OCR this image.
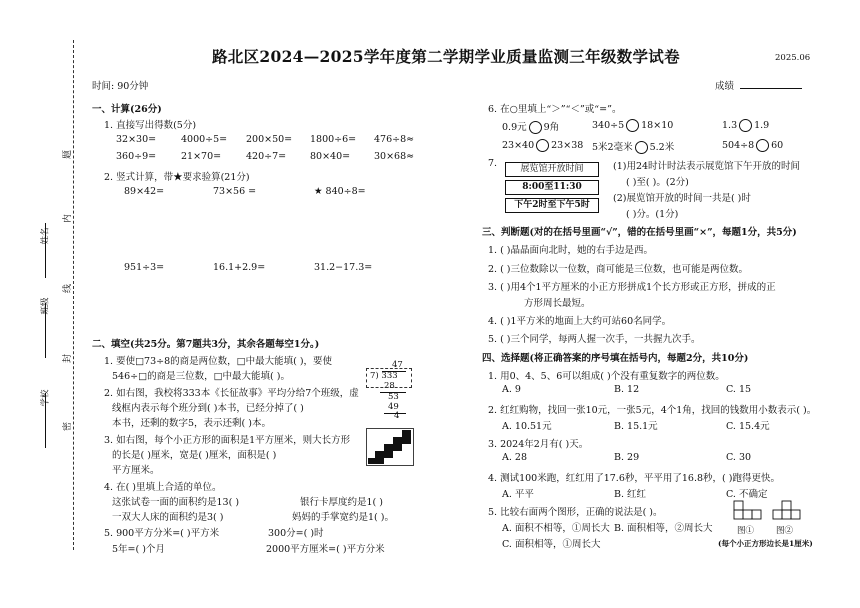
题
内
线
封
密
姓名
班级
学校
路北区2024—2025学年度第二学期学业质量监测三年级数学试卷	2025.06
时间: 90分钟	成绩
一、计算(26分)
1. 直接写出得数(5分)
32×30=	4000÷5= 200×50= 1800÷6= 476÷8≈
360÷9=	21×70=	420÷7=	80×40=	30×68≈
2. 竖式计算，带★要求验算(21分)
89×42=	73×56 =	★ 840÷8=
951÷3=	16.1+2.9=	31.2−17.3=
二、填空(共25分。第7题共3分，其余各题每空1分。)
1. 要使□73÷8的商是两位数，□中最大能填( )，要使
546÷□的商是三位数，□中最大能填( )。
2. 如右图，我校将333本《长征故事》平均分给7个班级，虚
线框内表示每个班分到( )本书，已经分掉了( )
本书，还剩的数字5，表示还剩( )本。
47
7) 333
28
53
49
4
3. 如右图，每个小正方形的面积是1平方厘米，则大长方形
的长是( )厘米，宽是( )厘米，面积是( )
平方厘米。
4. 在( )里填上合适的单位。
这张试卷一面的面积约是13( )	银行卡厚度约是1( )
一双大人床的面积约是3( )	妈妈的手掌宽约是1( )。
5. 900平方分米=( )平方米	300分=( )时
5年=( )个月	2000平方厘米=( )平方分米
6. 在○里填上“＞”“＜”或“=”。
0.9元 9角	340÷5 18×10	1.3 1.9
23×40 23×38 5米2毫米 5.2米	504÷8 60
7.	展览馆开放时间
8:00至11:30
下午2时至下午5时
(1)用24时计时法表示展览馆下午开放的时间
( )至( )。(2分)
(2)展览馆开放的时间一共是( )时
( )分。(1分)
三、判断题(对的在括号里画“√”，错的在括号里画“×”，每题1分，共5分)
1. ( )晶晶面向北时，她的右手边是西。
2. ( )三位数除以一位数，商可能是三位数，也可能是两位数。
3. ( )用4个1平方厘米的小正方形拼成1个长方形或正方形，拼成的正
方形周长最短。
4. ( )1平方米的地面上大约可站60名同学。
5. ( )三个同学，每两人握一次手，一共握九次手。
四、选择题(将正确答案的序号填在括号内，每题2分，共10分)
1. 用0、4、5、6可以组成( )个没有重复数字的两位数。
A. 9	B. 12	C. 15
2. 红红购物，找回一张10元，一张5元，4个1角，找回的钱数用小数表示( )。
A. 10.51元	B. 15.1元	C. 15.4元
3. 2024年2月有( )天。
A. 28	B. 29	C. 30
4. 测试100米跑，红红用了17.6秒，平平用了16.8秒，( )跑得更快。
A. 平平	B. 红红	C. 不确定
5. 比较右面两个图形，正确的说法是( )。
A. 面积不相等，①周长大 B. 面积相等，②周长大
C. 面积相等，①周长大
图①	图②
(每个小正方形边长是1厘米)
